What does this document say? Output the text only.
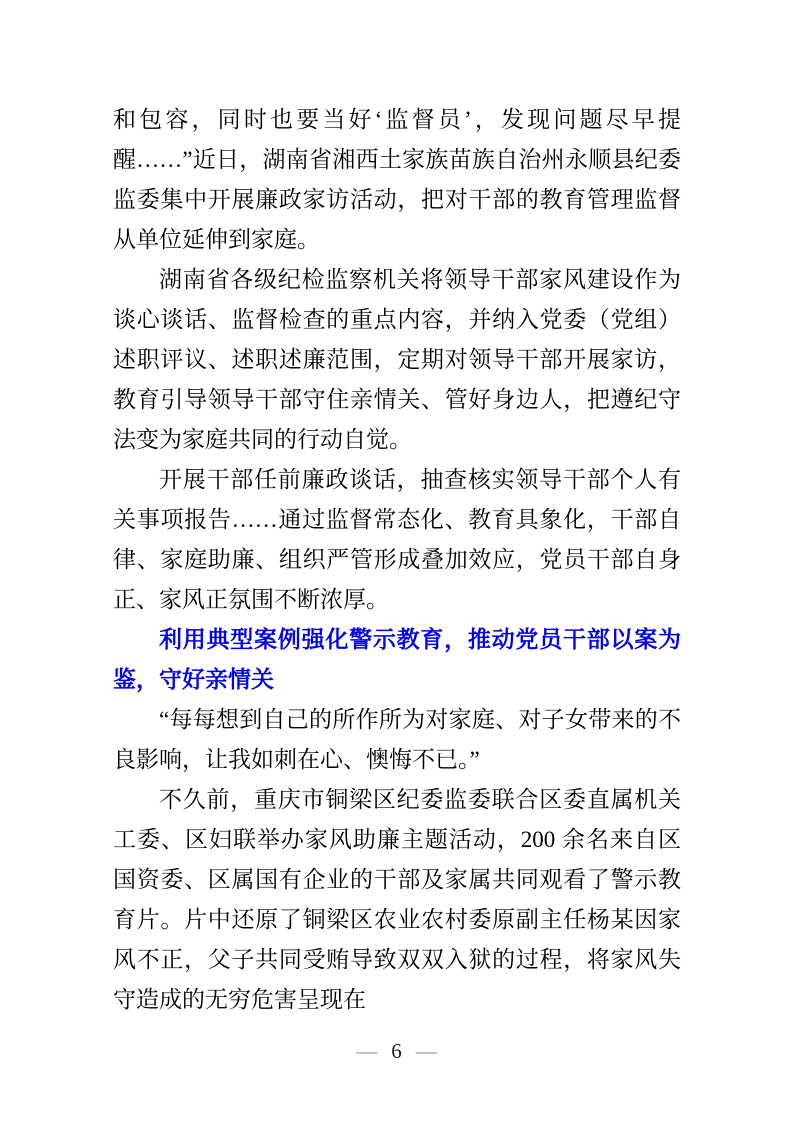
和包容，同时也要当好‘监督员’，发现问题尽早提醒……”近日，湖南省湘西土家族苗族自治州永顺县纪委监委集中开展廉政家访活动，把对干部的教育管理监督从单位延伸到家庭。

湖南省各级纪检监察机关将领导干部家风建设作为谈心谈话、监督检查的重点内容，并纳入党委（党组）述职评议、述职述廉范围，定期对领导干部开展家访，教育引导领导干部守住亲情关、管好身边人，把遵纪守法变为家庭共同的行动自觉。

开展干部任前廉政谈话，抽查核实领导干部个人有关事项报告……通过监督常态化、教育具象化，干部自律、家庭助廉、组织严管形成叠加效应，党员干部自身正、家风正氛围不断浓厚。

利用典型案例强化警示教育，推动党员干部以案为鉴，守好亲情关

“每每想到自己的所作所为对家庭、对子女带来的不良影响，让我如刺在心、懊悔不已。”

不久前，重庆市铜梁区纪委监委联合区委直属机关工委、区妇联举办家风助廉主题活动，200 余名来自区国资委、区属国有企业的干部及家属共同观看了警示教育片。片中还原了铜梁区农业农村委原副主任杨某因家风不正，父子共同受贿导致双双入狱的过程，将家风失守造成的无穷危害呈现在

— 6 —
